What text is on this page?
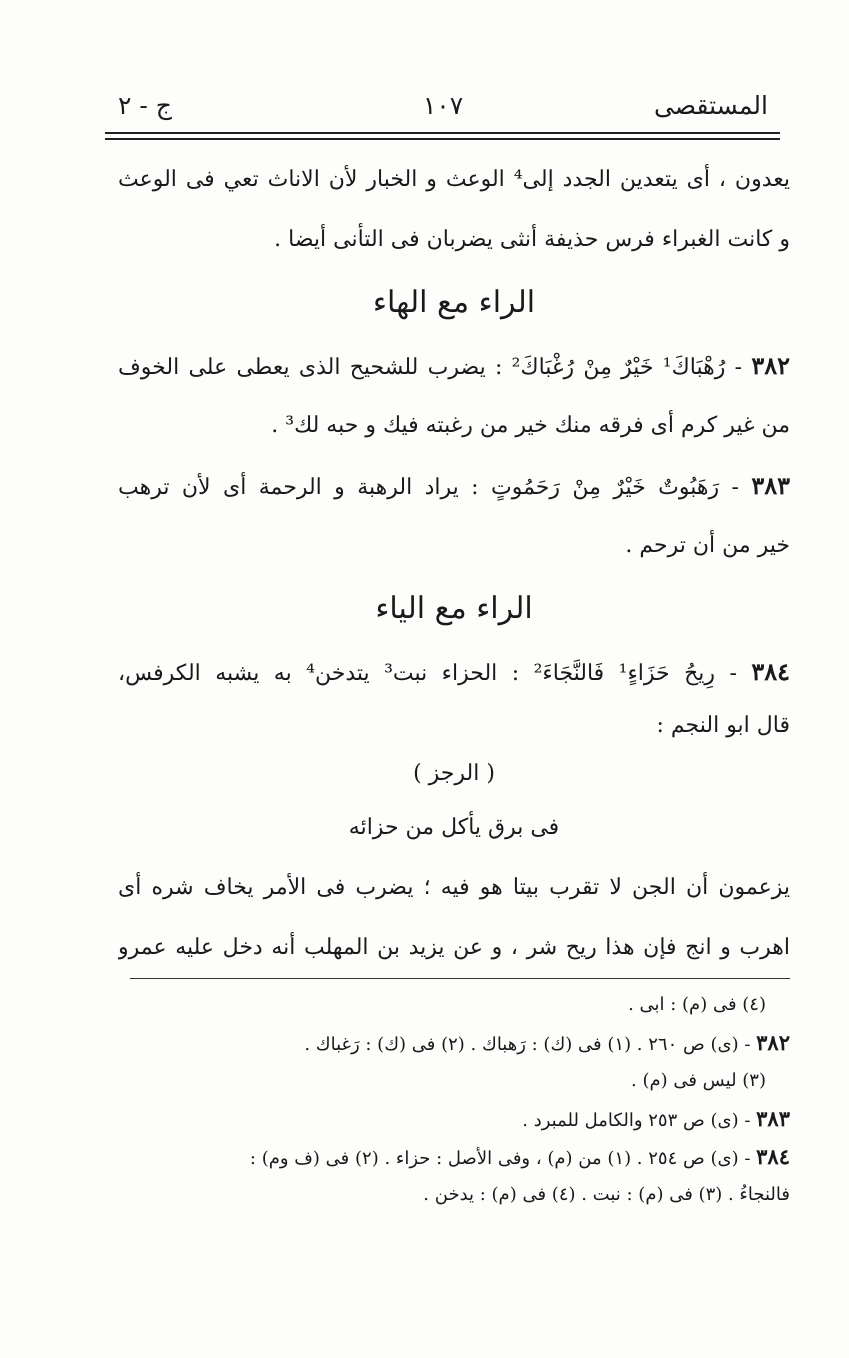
المستقصى
١٠٧
ج - ٢
يعدون ، أى يتعدين الجدد إلى⁴ الوعث و الخبار لأن الاناث تعي فى الوعث
و كانت الغبراء فرس حذيفة أنثى يضربان فى التأنى أيضا .
الراء مع الهاء
٣٨٢ - رُهْبَاكَ¹ خَيْرٌ مِنْ رُغْبَاكَ² : يضرب للشحيح الذى يعطى على الخوف
من غير كرم أى فرقه منك خير من رغبته فيك و حبه لك³ .
٣٨٣ - رَهَبُوتٌ خَيْرٌ مِنْ رَحَمُوتٍ : يراد الرهبة و الرحمة أى لأن ترهب
خير من أن ترحم .
الراء مع الياء
٣٨٤ - رِيحُ حَزَاءٍ¹ فَالنَّجَاءَ² : الحزاء نبت³ يتدخن⁴ به يشبه الكرفس،
قال ابو النجم :
( الرجز )
فى برق يأكل من حزائه
يزعمون أن الجن لا تقرب بيتا هو فيه ؛ يضرب فى الأمر يخاف شره أى
اهرب و انج فإن هذا ريح شر ، و عن يزيد بن المهلب أنه دخل عليه عمرو
(٤) فى (م) : ابى .
٣٨٢ - (ى) ص ٢٦٠ . (١) فى (ك) : رَهباك . (٢) فى (ك) : رَغباك .
(٣) ليس فى (م) .
٣٨٣ - (ى) ص ٢٥٣ والكامل للمبرد .
٣٨٤ - (ى) ص ٢٥٤ . (١) من (م) ، وفى الأصل : حزاء . (٢) فى (ف وم) :
فالنجاءُ . (٣) فى (م) : نبت . (٤) فى (م) : يدخن .
